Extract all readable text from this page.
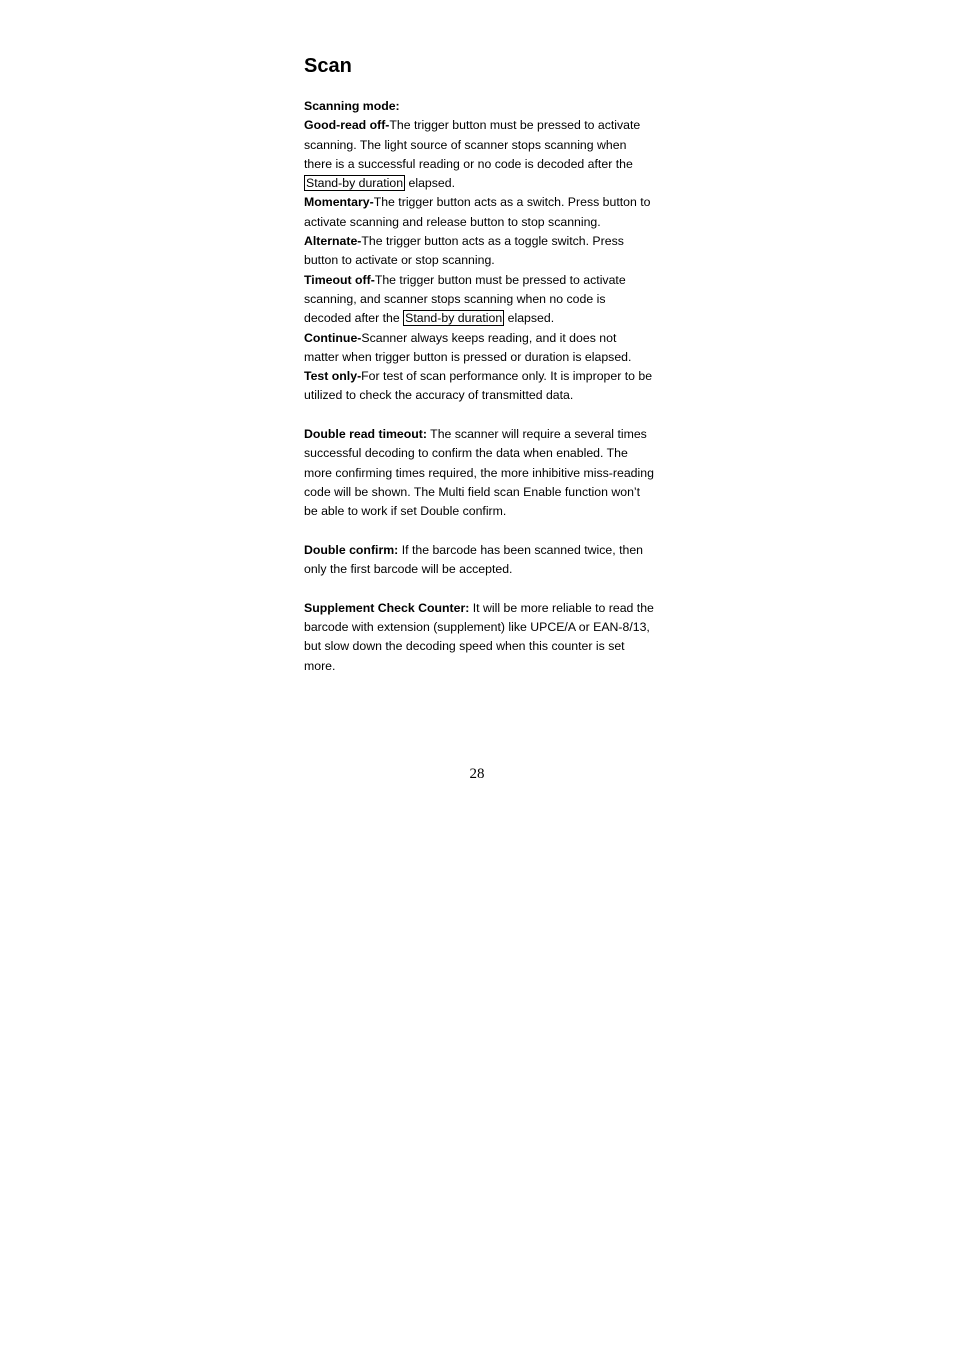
Scan

Scanning mode:

Good-read off-The trigger button must be pressed to activate scanning. The light source of scanner stops scanning when there is a successful reading or no code is decoded after the Stand-by duration elapsed.

Momentary-The trigger button acts as a switch. Press button to activate scanning and release button to stop scanning.

Alternate-The trigger button acts as a toggle switch. Press button to activate or stop scanning.

Timeout off-The trigger button must be pressed to activate scanning, and scanner stops scanning when no code is decoded after the Stand-by duration elapsed.

Continue-Scanner always keeps reading, and it does not matter when trigger button is pressed or duration is elapsed.

Test only-For test of scan performance only. It is improper to be utilized to check the accuracy of transmitted data.

Double read timeout: The scanner will require a several times successful decoding to confirm the data when enabled. The more confirming times required, the more inhibitive miss-reading code will be shown. The Multi field scan Enable function won’t be able to work if set Double confirm.

Double confirm: If the barcode has been scanned twice, then only the first barcode will be accepted.

Supplement Check Counter: It will be more reliable to read the barcode with extension (supplement) like UPCE/A or EAN-8/13, but slow down the decoding speed when this counter is set more.

28
